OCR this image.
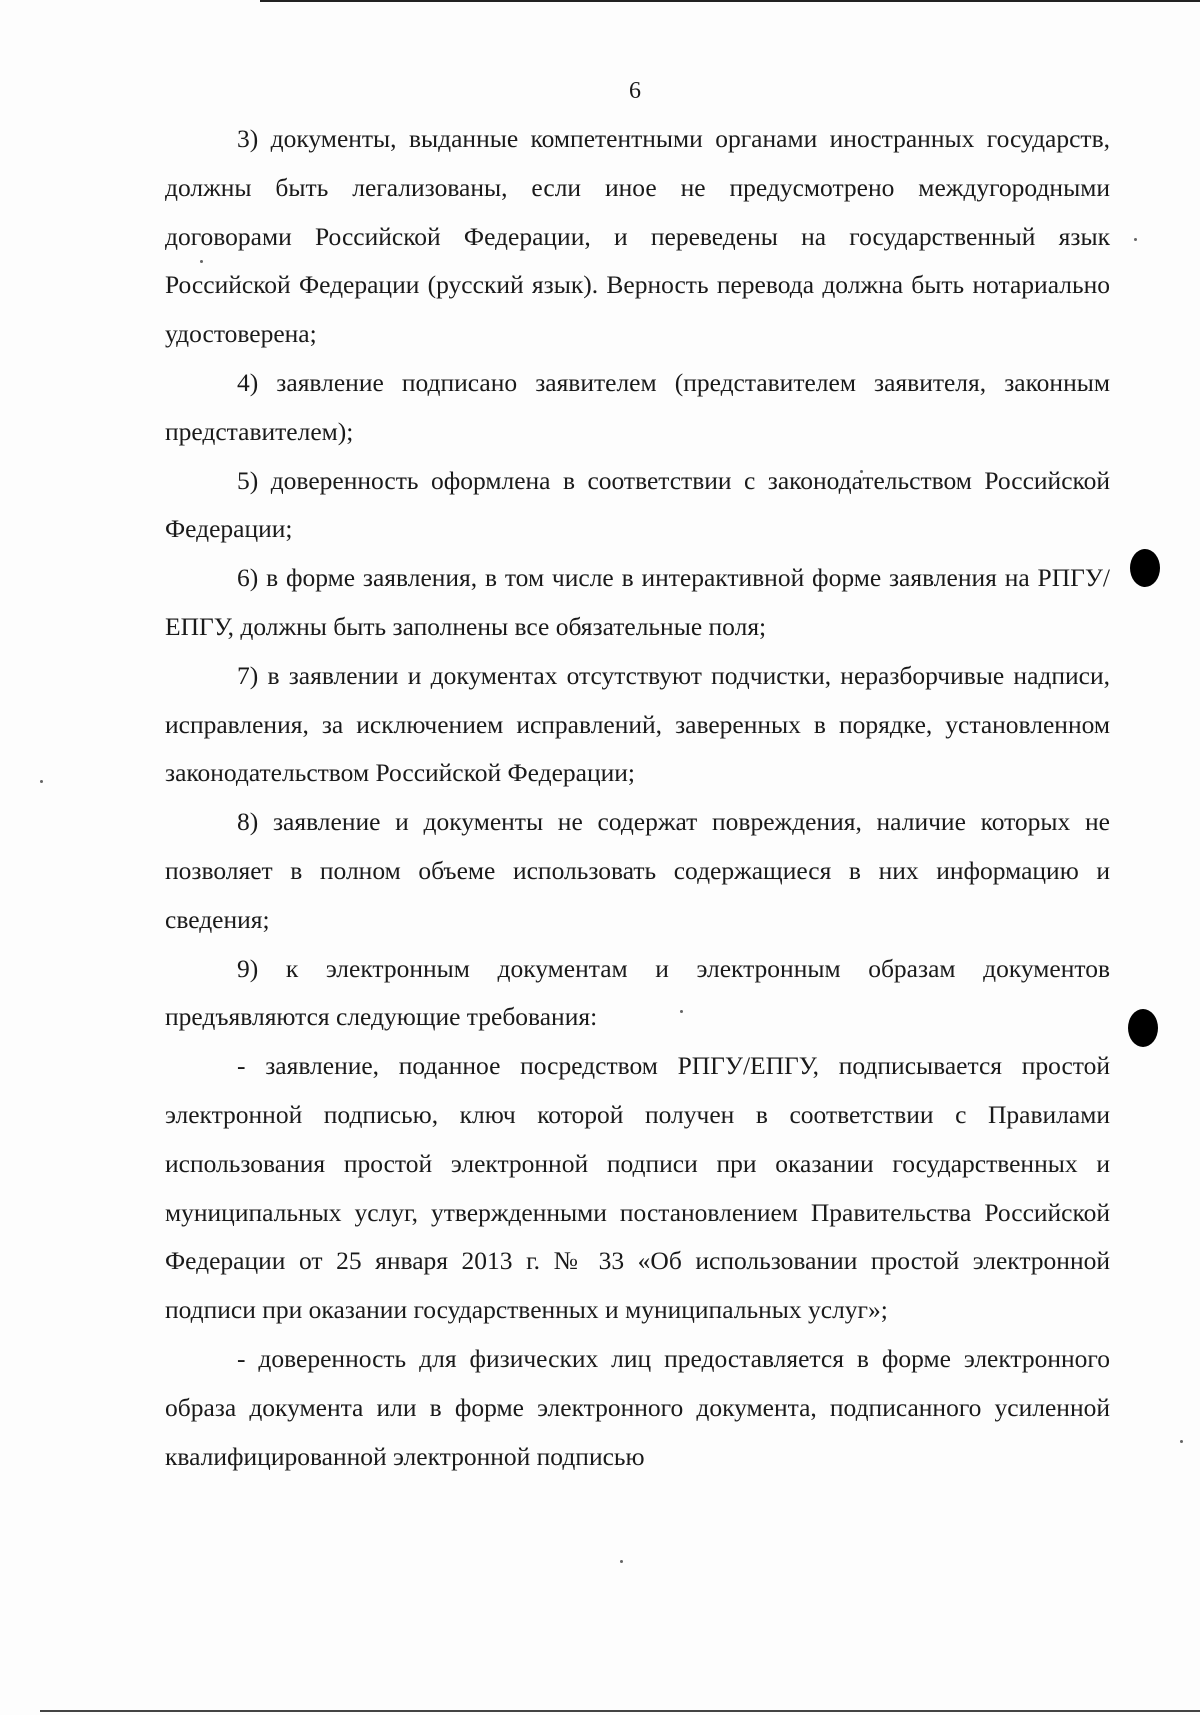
6

3) документы, выданные компетентными органами иностранных государств, должны быть легализованы, если иное не предусмотрено междугородными договорами Российской Федерации, и переведены на государственный язык Российской Федерации (русский язык). Верность перевода должна быть нотариально удостоверена;

4) заявление подписано заявителем (представителем заявителя, законным представителем);

5) доверенность оформлена в соответствии с законодательством Российской Федерации;

6) в форме заявления, в том числе в интерактивной форме заявления на РПГУ/ЕПГУ, должны быть заполнены все обязательные поля;

7) в заявлении и документах отсутствуют подчистки, неразборчивые надписи, исправления, за исключением исправлений, заверенных в порядке, установленном законодательством Российской Федерации;

8) заявление и документы не содержат повреждения, наличие которых не позволяет в полном объеме использовать содержащиеся в них информацию и сведения;

9) к электронным документам и электронным образам документов предъявляются следующие требования:

- заявление, поданное посредством РПГУ/ЕПГУ, подписывается простой электронной подписью, ключ которой получен в соответствии с Правилами использования простой электронной подписи при оказании государственных и муниципальных услуг, утвержденными постановлением Правительства Российской Федерации от 25 января 2013 г. № 33 «Об использовании простой электронной подписи при оказании государственных и муниципальных услуг»;

- доверенность для физических лиц предоставляется в форме электронного образа документа или в форме электронного документа, подписанного усиленной квалифицированной электронной подписью
